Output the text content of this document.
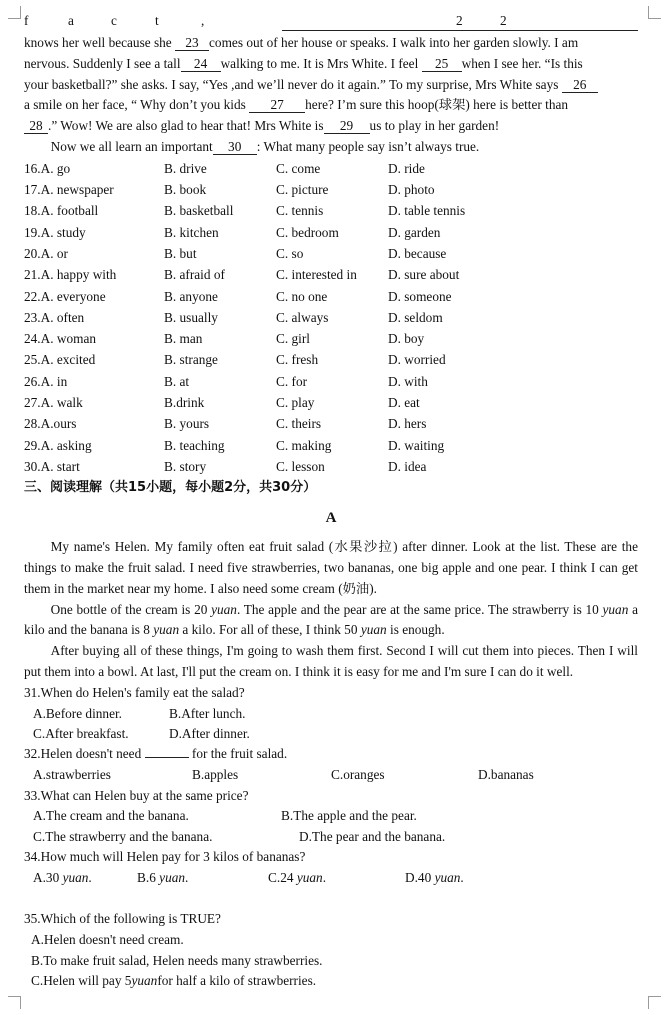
f	a	c	t	,	2	2

knows her well because she 23 comes out of her house or speaks. I walk into her garden slowly. I am

nervous. Suddenly I see a tall 24 walking to me. It is Mrs White. I feel 25 when I see her. “Is this

your basketball?” she asks. I say, “Yes ,and we’ll never do it again.” To my surprise, Mrs White says 26

a smile on her face, “ Why don’t you kids 27 here? I’m sure this hoop(球架) here is better than

28 .” Wow! We are also glad to hear that! Mrs White is 29 us to play in her garden!

Now we all learn an important 30 : What many people say isn’t always true.

16.A. go	B. drive	C. come	D. ride
17.A. newspaper	B. book	C. picture	D. photo
18.A. football	B. basketball	C. tennis	D. table tennis
19.A. study	B. kitchen	C. bedroom	D. garden
20.A. or	B. but	C. so	D. because
21.A. happy with	B. afraid of	C. interested in	D. sure about
22.A. everyone	B. anyone	C. no one	D. someone
23.A. often	B. usually	C. always	D. seldom
24.A. woman	B. man	C. girl	D. boy
25.A. excited	B. strange	C. fresh	D. worried
26.A. in	B. at	C. for	D. with
27.A. walk	B.drink	C. play	D. eat
28.A.ours	B. yours	C. theirs	D. hers
29.A. asking	B. teaching	C. making	D. waiting
30.A. start	B. story	C. lesson	D. idea
三、阅读理解（共15小题，每小题2分，共30分）
A

My name's Helen. My family often eat fruit salad (水果沙拉) after dinner. Look at the list. These are the things to make the fruit salad. I need five strawberries, two bananas, one big apple and one pear. I think I can get them in the market near my home. I also need some cream (奶油).

One bottle of the cream is 20 yuan. The apple and the pear are at the same price. The strawberry is 10 yuan a kilo and the banana is 8 yuan a kilo. For all of these, I think 50 yuan is enough.

After buying all of these things, I'm going to wash them first. Second I will cut them into pieces. Then I will put them into a bowl. At last, I'll put the cream on. I think it is easy for me and I'm sure I can do it well.

31.When do Helen's family eat the salad?

A.Before dinner.	B.After lunch.
C.After breakfast.	D.After dinner.

32.Helen doesn't need	for the fruit salad.

A.strawberries	B.apples	C.oranges	D.bananas

33.What can Helen buy at the same price?

A.The cream and the banana.	B.The apple and the pear.
C.The strawberry and the banana.	D.The pear and the banana.

34.How much will Helen pay for 3 kilos of bananas?

A.30 yuan.	B.6 yuan.	C.24 yuan.	D.40 yuan.

35.Which of the following is TRUE?

A.Helen doesn't need cream.
B.To make fruit salad, Helen needs many strawberries.
C.Helen will pay 5 yuan for half a kilo of strawberries.
